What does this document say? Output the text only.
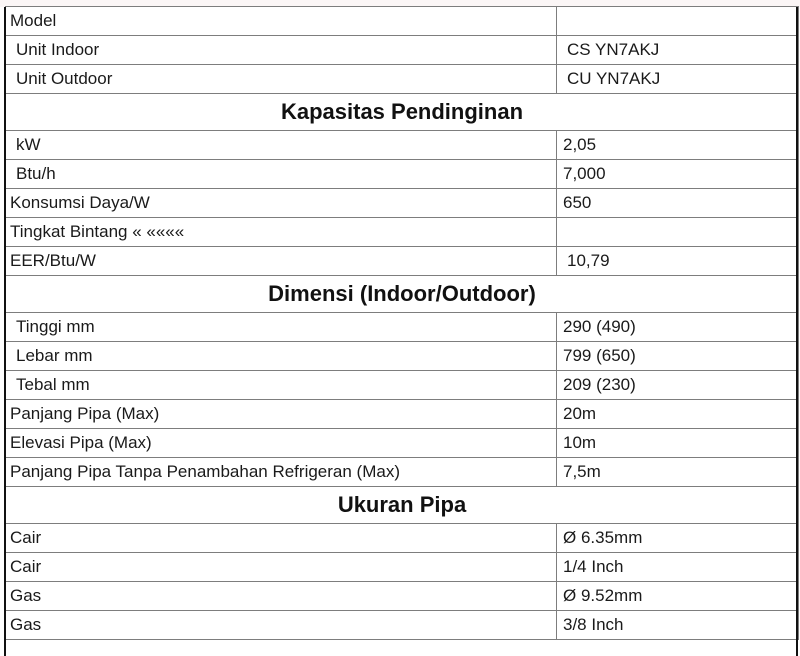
Model	
Unit Indoor	CS YN7AKJ
Unit Outdoor	CU YN7AKJ
Kapasitas Pendinginan	
kW	2,05
Btu/h	7,000
Konsumsi Daya/W	650
Tingkat Bintang « ««««	
EER/Btu/W	10,79
Dimensi (Indoor/Outdoor)	
Tinggi mm	290 (490)
Lebar mm	799 (650)
Tebal mm	209 (230)
Panjang Pipa (Max)	20m
Elevasi Pipa (Max)	10m
Panjang Pipa Tanpa Penambahan Refrigeran (Max)	7,5m
Ukuran Pipa	
Cair	Ø 6.35mm
Cair	1/4 Inch
Gas	Ø 9.52mm
Gas	3/8 Inch
